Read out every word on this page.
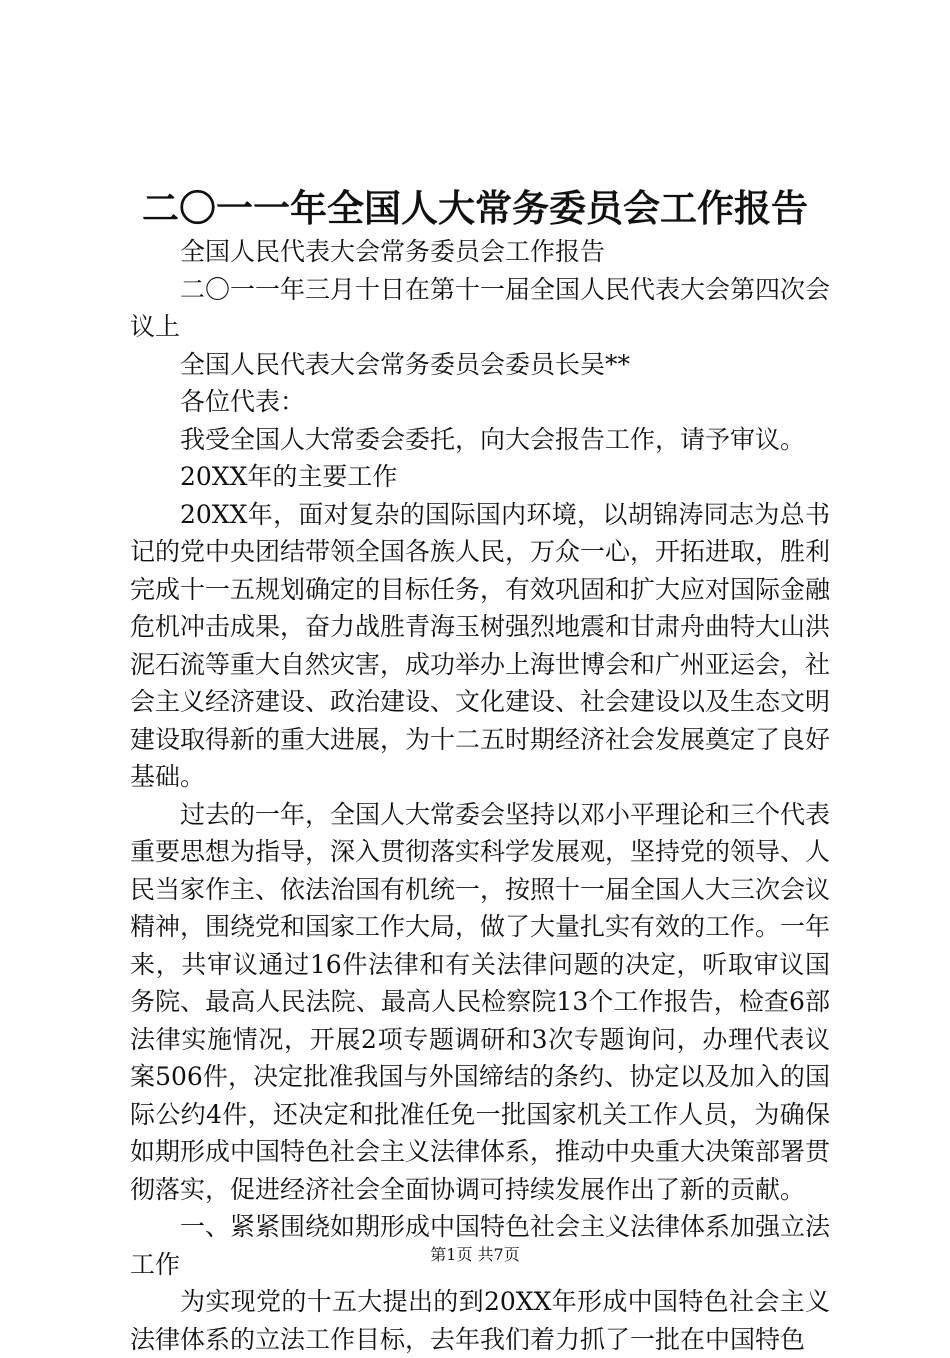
二〇一一年全国人大常务委员会工作报告

全国人民代表大会常务委员会工作报告

二〇一一年三月十日在第十一届全国人民代表大会第四次会议上

全国人民代表大会常务委员会委员长吴**

各位代表：

我受全国人大常委会委托，向大会报告工作，请予审议。

20XX年的主要工作

20XX年，面对复杂的国际国内环境，以胡锦涛同志为总书记的党中央团结带领全国各族人民，万众一心，开拓进取，胜利完成十一五规划确定的目标任务，有效巩固和扩大应对国际金融危机冲击成果，奋力战胜青海玉树强烈地震和甘肃舟曲特大山洪泥石流等重大自然灾害，成功举办上海世博会和广州亚运会，社会主义经济建设、政治建设、文化建设、社会建设以及生态文明建设取得新的重大进展，为十二五时期经济社会发展奠定了良好基础。

过去的一年，全国人大常委会坚持以邓小平理论和三个代表重要思想为指导，深入贯彻落实科学发展观，坚持党的领导、人民当家作主、依法治国有机统一，按照十一届全国人大三次会议精神，围绕党和国家工作大局，做了大量扎实有效的工作。一年来，共审议通过16件法律和有关法律问题的决定，听取审议国务院、最高人民法院、最高人民检察院13个工作报告，检查6部法律实施情况，开展2项专题调研和3次专题询问，办理代表议案506件，决定批准我国与外国缔结的条约、协定以及加入的国际公约4件，还决定和批准任免一批国家机关工作人员，为确保如期形成中国特色社会主义法律体系，推动中央重大决策部署贯彻落实，促进经济社会全面协调可持续发展作出了新的贡献。

一、紧紧围绕如期形成中国特色社会主义法律体系加强立法工作

为实现党的十五大提出的到20XX年形成中国特色社会主义法律体系的立法工作目标，去年我们着力抓了一批在中国特色

第1页 共7页
